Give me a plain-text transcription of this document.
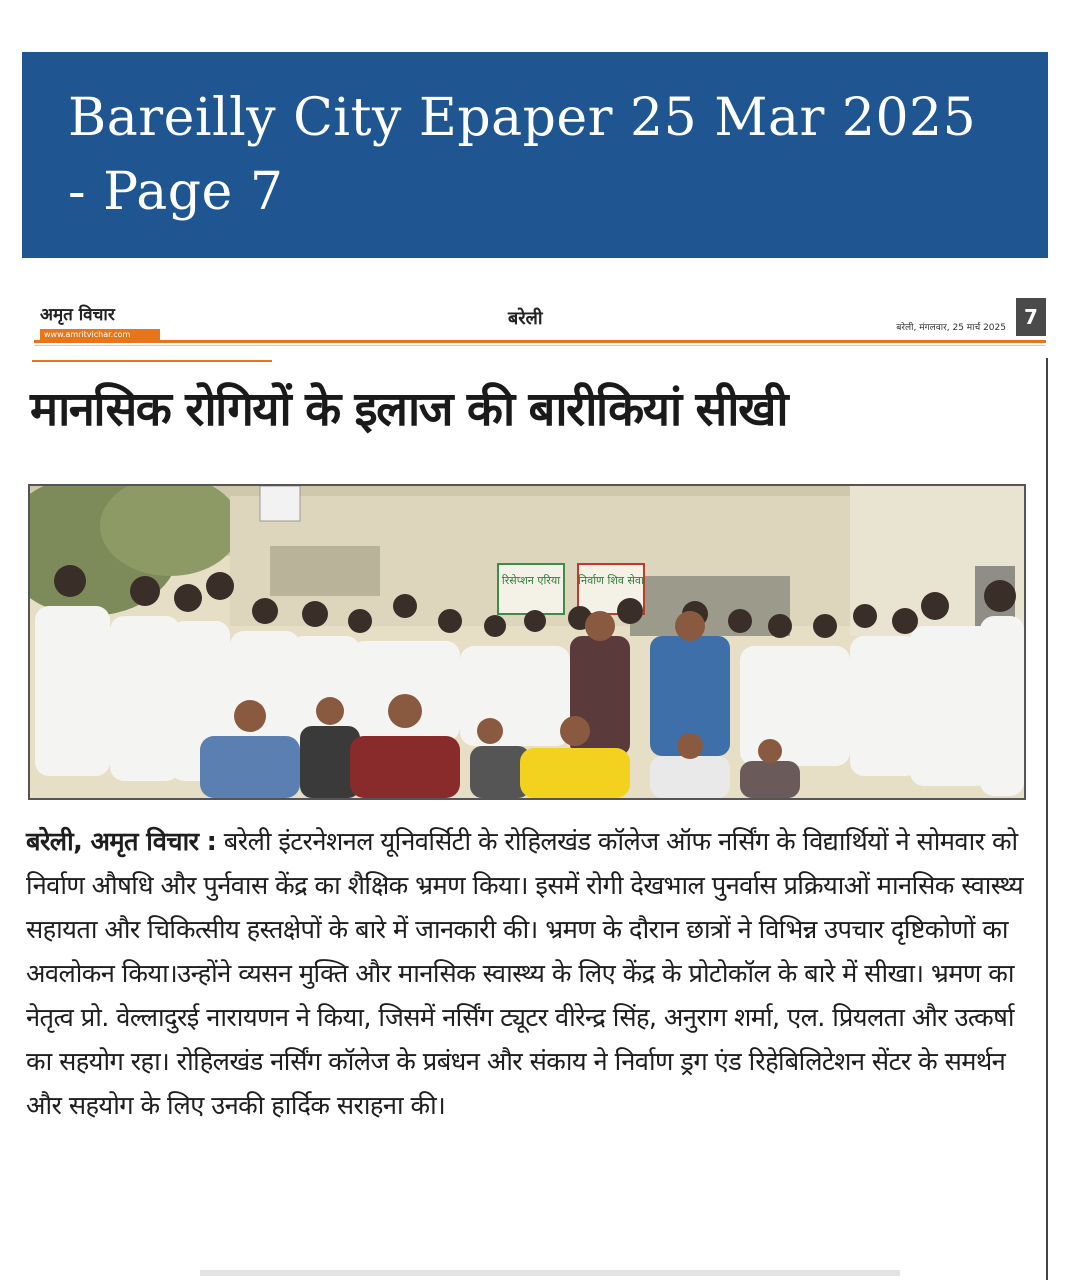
Bareilly City Epaper 25 Mar 2025 - Page 7
अमृत विचार
www.amritvichar.com
बरेली	बरेली, मंगलवार, 25 मार्च 2025 7
मानसिक रोगियों के इलाज की बारीकियां सीखी
रिसेप्शन एरिया निर्वाण शिव सेवा

बरेली, अमृत विचार : बरेली इंटरनेशनल यूनिवर्सिटी के रोहिलखंड कॉलेज ऑफ नर्सिंग के विद्यार्थियों ने सोमवार को निर्वाण औषधि और पुर्नवास केंद्र का शैक्षिक भ्रमण किया। इसमें रोगी देखभाल पुनर्वास प्रक्रियाओं मानसिक स्वास्थ्य सहायता और चिकित्सीय हस्तक्षेपों के बारे में जानकारी की। भ्रमण के दौरान छात्रों ने विभिन्न उपचार दृष्टिकोणों का अवलोकन किया।उन्होंने व्यसन मुक्ति और मानसिक स्वास्थ्य के लिए केंद्र के प्रोटोकॉल के बारे में सीखा। भ्रमण का नेतृत्व प्रो. वेल्लादुरई नारायणन ने किया, जिसमें नर्सिंग ट्यूटर वीरेन्द्र सिंह, अनुराग शर्मा, एल. प्रियलता और उत्कर्षा का सहयोग रहा। रोहिलखंड नर्सिंग कॉलेज के प्रबंधन और संकाय ने निर्वाण ड्रग एंड रिहेबिलिटेशन सेंटर के समर्थन और सहयोग के लिए उनकी हार्दिक सराहना की।
